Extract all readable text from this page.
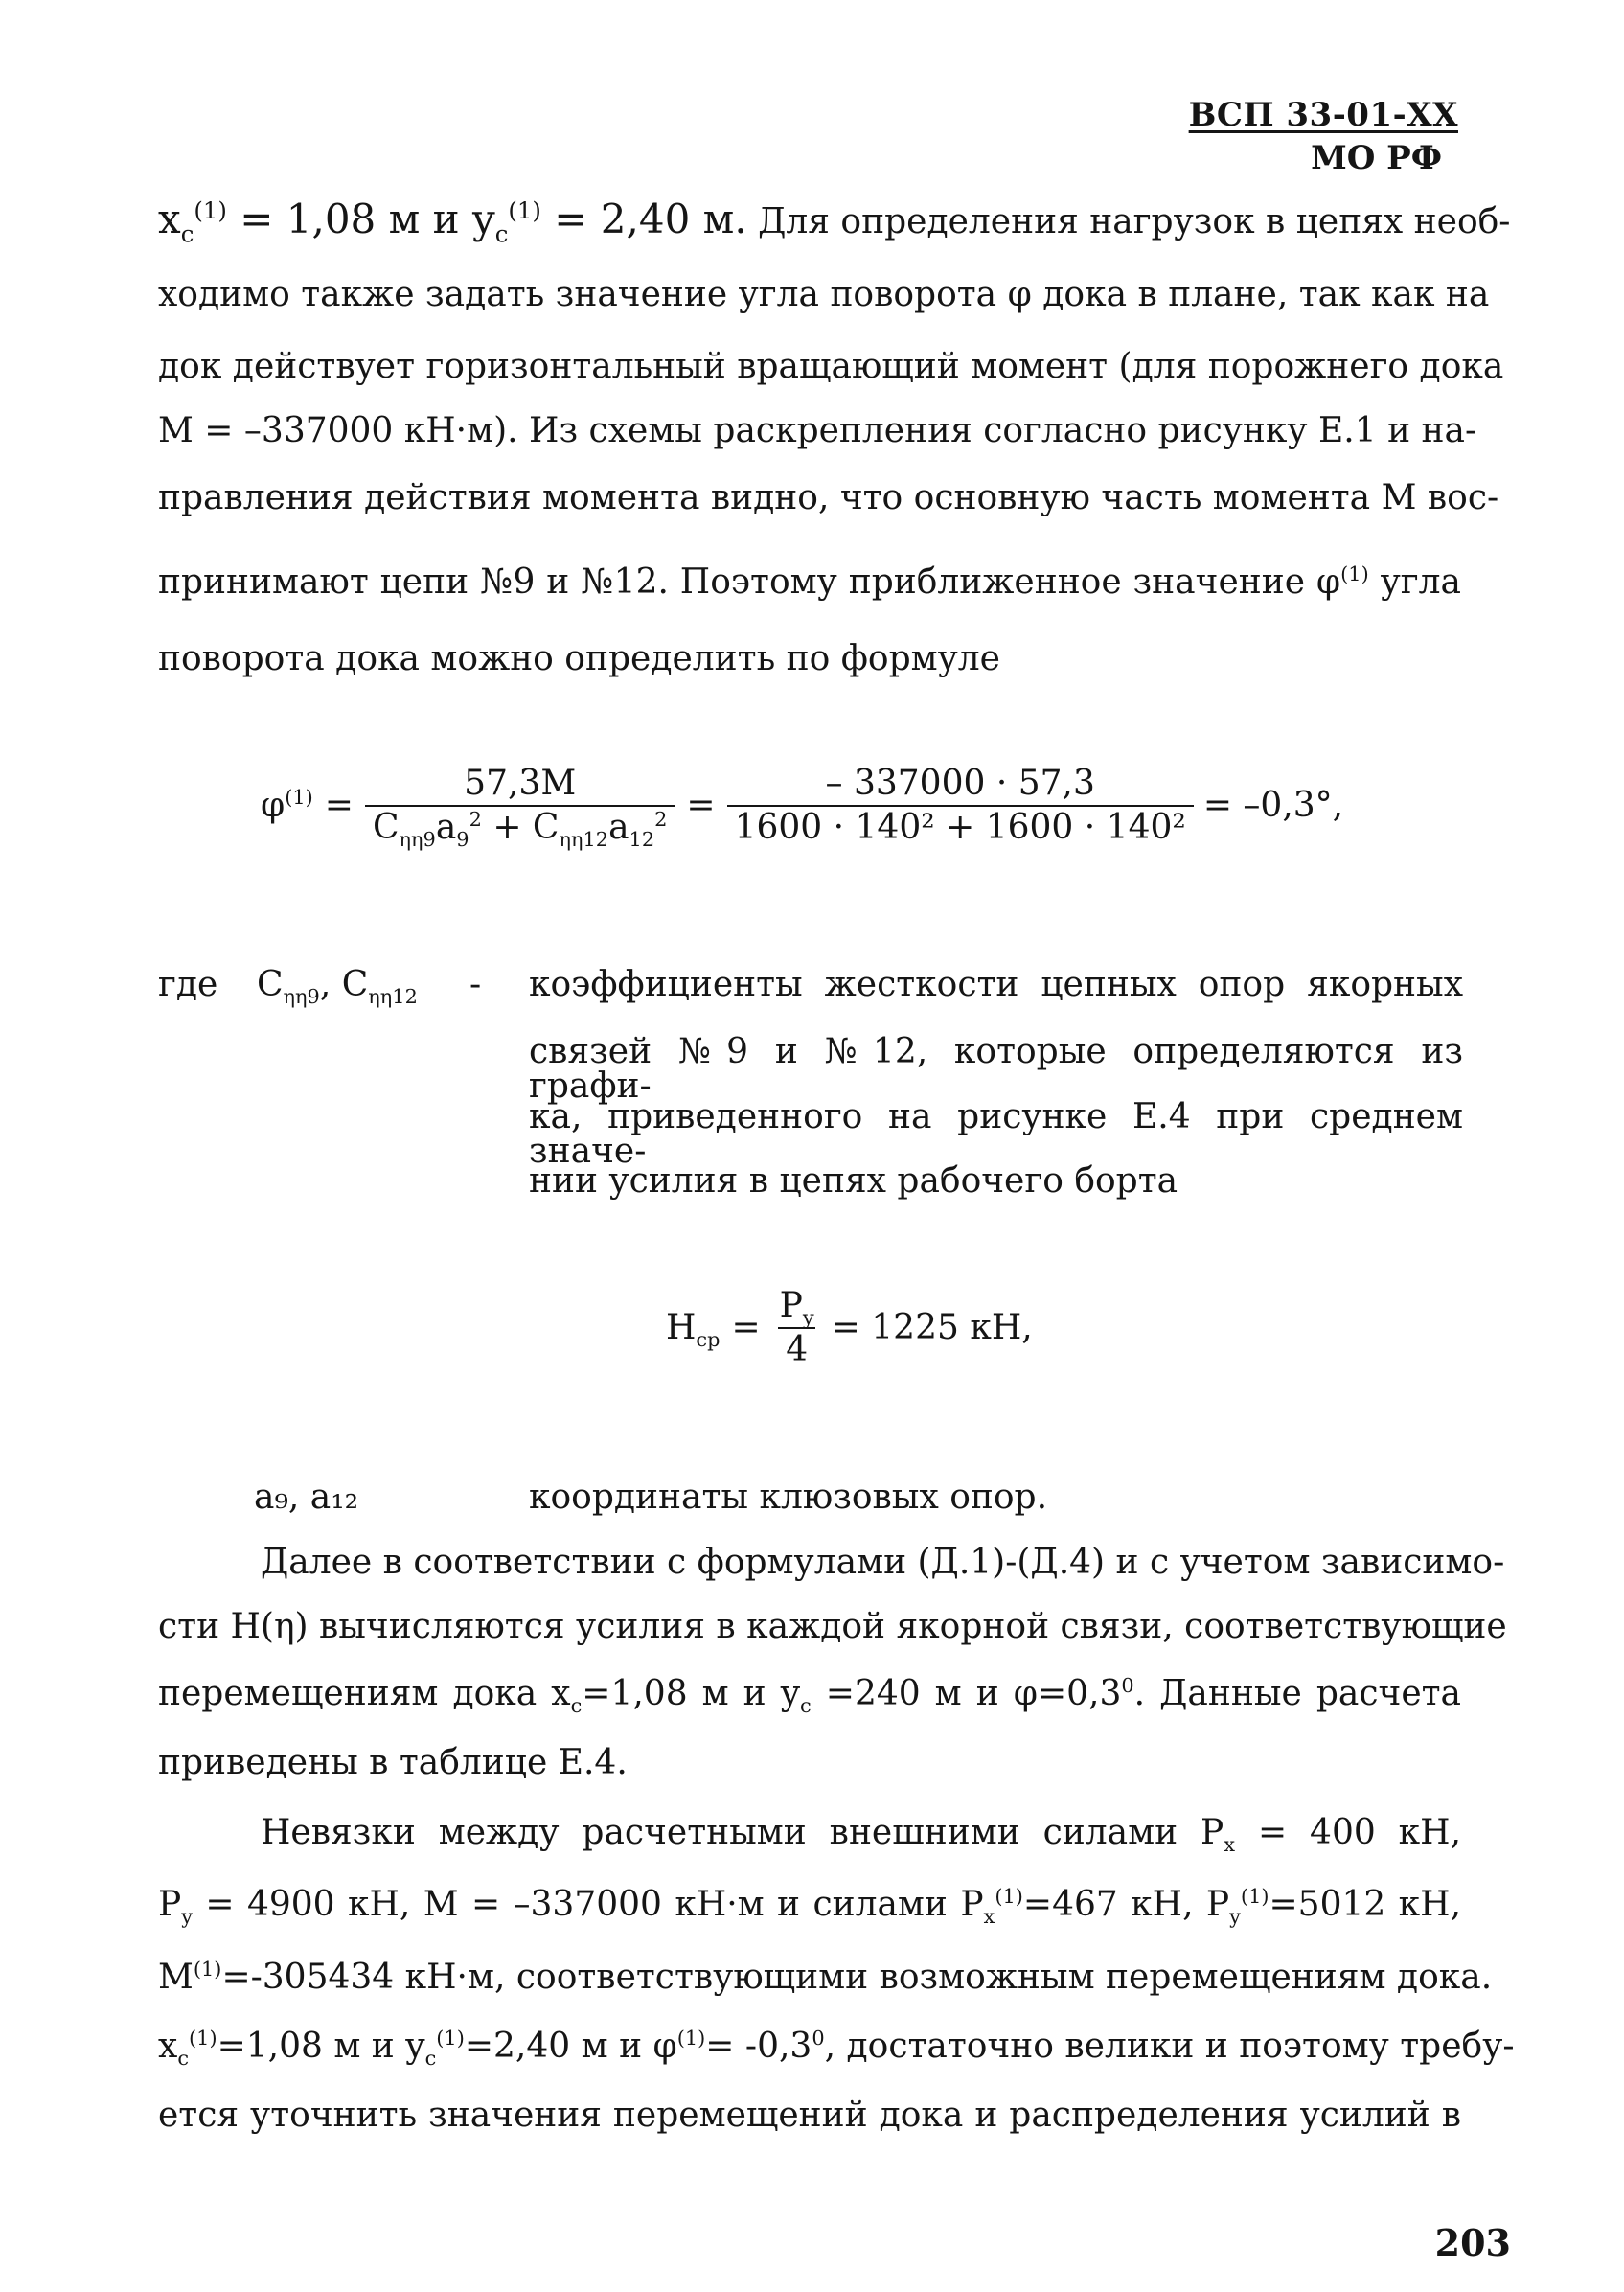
ВСП 33-01-ХХ
МО РФ
$x_с^{(1)} = 1,08$ м и $y_с^{(1)} = 2,40$ м. Для определения нагрузок в цепях необ-
ходимо также задать значение угла поворота φ дока в плане, так как на
док действует горизонтальный вращающий момент (для порожнего дока
М = –337000 кН·м). Из схемы раскрепления согласно рисунку Е.1 и на-
правления действия момента видно, что основную часть момента М вос-
принимают цепи №9 и №12. Поэтому приближенное значение $\varphi^{(1)}$ угла
поворота дока можно определить по формуле
$\varphi^{(1)} = \frac{57,3M}{C_{\eta\eta 9}a_9^2 + C_{\eta\eta 12}a_{12}^2} = \frac{- 337000 \cdot 57,3}{\text{1600 · 140² + 1600 · 140²}} = -0,3^\circ$,
где $C_{\eta\eta 9}$, $C_{\eta\eta 12}$ - коэффициенты жесткости цепных опор якорных
связей №9 и №12, которые определяются из графи-
ка, приведенного на рисунке Е.4 при среднем значе-
нии усилия в цепях рабочего борта
$H_{ср} = \frac{P_y}{4} = 1225$ кН,
a₉, a₁₂	координаты клюзовых опор.
Далее в соответствии с формулами (Д.1)-(Д.4) и с учетом зависимо-
сти Н(η) вычисляются усилия в каждой якорной связи, соответствующие
перемещениям дока $x_с=1,08$ м и $y_с =240$ м и $\varphi=0,3^0$. Данные расчета
приведены в таблице Е.4.
Невязки между расчетными внешними силами $P_x = 400$ кН,
$P_y = 4900$ кН, М = –337000 кН·м и силами $P_x^{(1)}=467$ кН, $P_y^{(1)}=5012$ кН,
$M^{(1)}=-305434$ кН·м, соответствующими возможным перемещениям дока.
$x_с^{(1)}=1,08$ м и $y_с^{(1)}=2,40$ м и $\varphi^{(1)}= -0,3^0$, достаточно велики и поэтому требу-
ется уточнить значения перемещений дока и распределения усилий в
203
